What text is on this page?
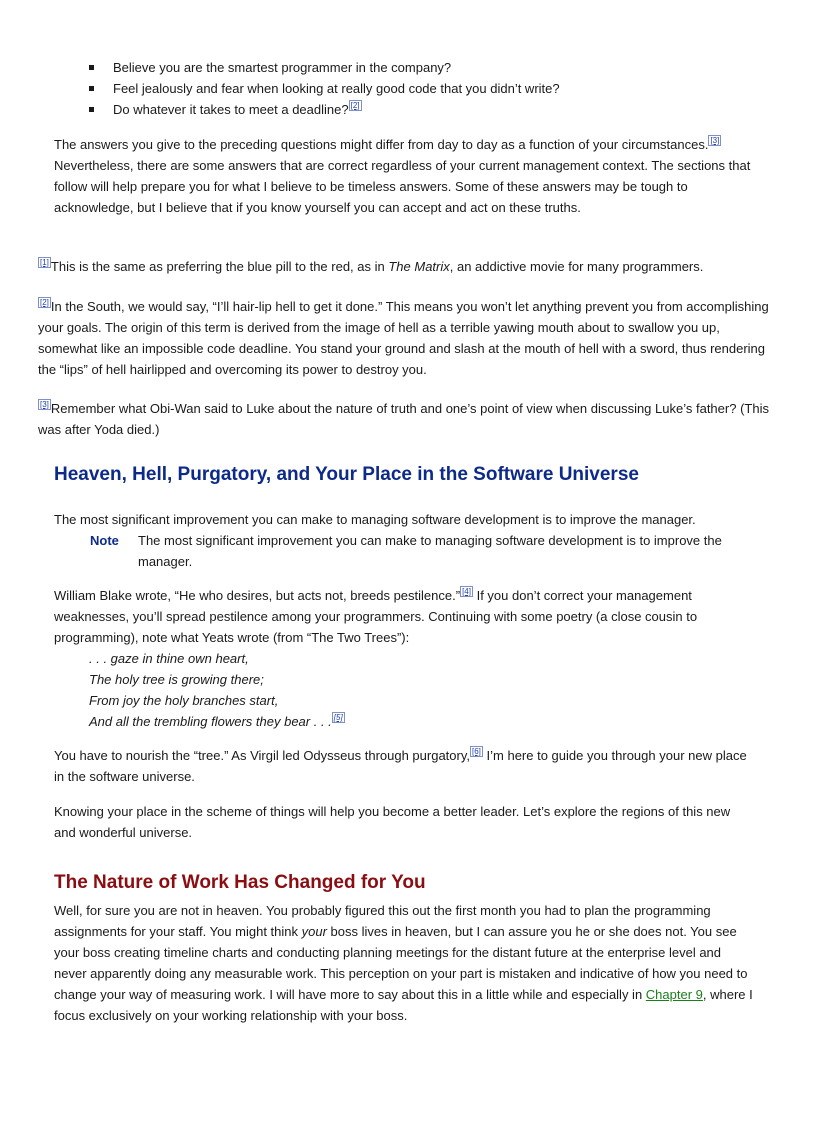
Believe you are the smartest programmer in the company?
Feel jealously and fear when looking at really good code that you didn’t write?
Do whatever it takes to meet a deadline? [2]

The answers you give to the preceding questions might differ from day to day as a function of your circumstances. [3] Nevertheless, there are some answers that are correct regardless of your current management context. The sections that follow will help prepare you for what I believe to be timeless answers. Some of these answers may be tough to acknowledge, but I believe that if you know yourself you can accept and act on these truths.

[1] This is the same as preferring the blue pill to the red, as in The Matrix, an addictive movie for many programmers.

[2] In the South, we would say, “I’ll hair-lip hell to get it done.” This means you won’t let anything prevent you from accomplishing your goals. The origin of this term is derived from the image of hell as a terrible yawing mouth about to swallow you up, somewhat like an impossible code deadline. You stand your ground and slash at the mouth of hell with a sword, thus rendering the “lips” of hell hairlipped and overcoming its power to destroy you.

[3] Remember what Obi-Wan said to Luke about the nature of truth and one’s point of view when discussing Luke’s father? (This was after Yoda died.)

Heaven, Hell, Purgatory, and Your Place in the Software Universe

The most significant improvement you can make to managing software development is to improve the manager.

Note The most significant improvement you can make to managing software development is to improve the manager.

William Blake wrote, “He who desires, but acts not, breeds pestilence.” [4] If you don’t correct your management weaknesses, you’ll spread pestilence among your programmers. Continuing with some poetry (a close cousin to programming), note what Yeats wrote (from “The Two Trees”):

. . . gaze in thine own heart,
The holy tree is growing there;
From joy the holy branches start,
And all the trembling flowers they bear . . . [5]

You have to nourish the “tree.” As Virgil led Odysseus through purgatory, [6] I’m here to guide you through your new place in the software universe.

Knowing your place in the scheme of things will help you become a better leader. Let’s explore the regions of this new and wonderful universe.

The Nature of Work Has Changed for You

Well, for sure you are not in heaven. You probably figured this out the first month you had to plan the programming assignments for your staff. You might think your boss lives in heaven, but I can assure you he or she does not. You see your boss creating timeline charts and conducting planning meetings for the distant future at the enterprise level and never apparently doing any measurable work. This perception on your part is mistaken and indicative of how you need to change your way of measuring work. I will have more to say about this in a little while and especially in Chapter 9, where I focus exclusively on your working relationship with your boss.
